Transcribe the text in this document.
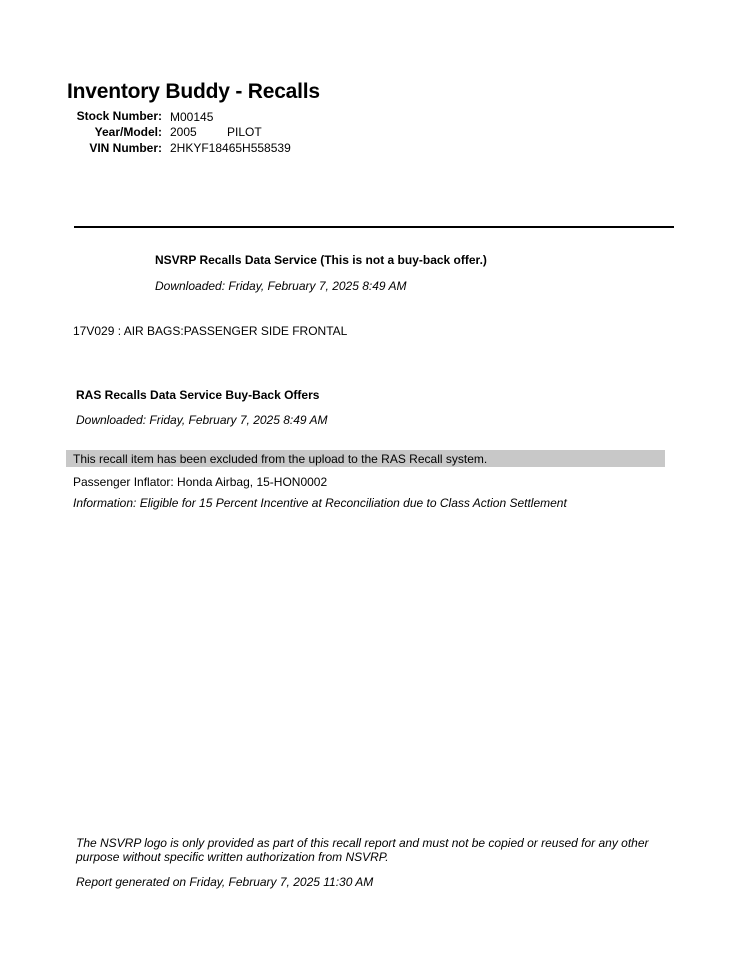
Inventory Buddy - Recalls
Stock Number: M00145
Year/Model: 2005	PILOT
VIN Number: 2HKYF18465H558539
NSVRP Recalls Data Service (This is not a buy-back offer.)
Downloaded: Friday, February 7, 2025 8:49 AM
17V029 : AIR BAGS:PASSENGER SIDE FRONTAL
RAS Recalls Data Service Buy-Back Offers
Downloaded: Friday, February 7, 2025 8:49 AM
This recall item has been excluded from the upload to the RAS Recall system.
Passenger Inflator: Honda Airbag, 15-HON0002
Information: Eligible for 15 Percent Incentive at Reconciliation due to Class Action Settlement
The NSVRP logo is only provided as part of this recall report and must not be copied or reused for any other purpose without specific written authorization from NSVRP.
Report generated on Friday, February 7, 2025 11:30 AM
